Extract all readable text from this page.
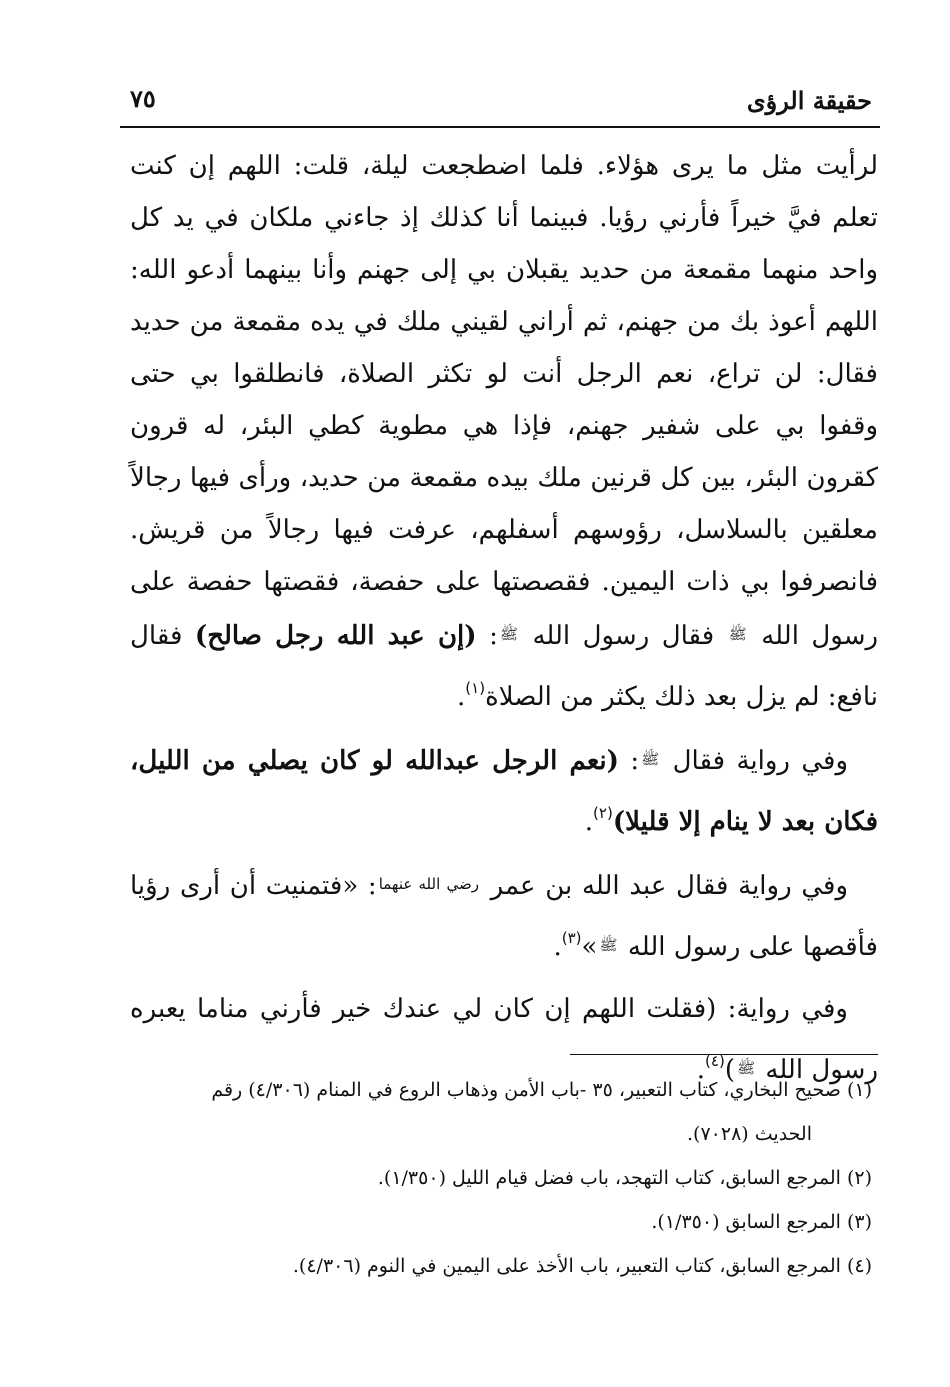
حقيقة الرؤى
٧٥

لرأيت مثل ما يرى هؤلاء. فلما اضطجعت ليلة، قلت: اللهم إن كنت تعلم فيَّ خيراً فأرني رؤيا. فبينما أنا كذلك إذ جاءني ملكان في يد كل واحد منهما مقمعة من حديد يقبلان بي إلى جهنم وأنا بينهما أدعو الله: اللهم أعوذ بك من جهنم، ثم أراني لقيني ملك في يده مقمعة من حديد فقال: لن تراع، نعم الرجل أنت لو تكثر الصلاة، فانطلقوا بي حتى وقفوا بي على شفير جهنم، فإذا هي مطوية كطي البئر، له قرون كقرون البئر، بين كل قرنين ملك بيده مقمعة من حديد، ورأى فيها رجالاً معلقين بالسلاسل، رؤوسهم أسفلهم، عرفت فيها رجالاً من قريش. فانصرفوا بي ذات اليمين. فقصصتها على حفصة، فقصتها حفصة على رسول الله ﷺ فقال رسول الله ﷺ: (إن عبد الله رجل صالح) فقال نافع: لم يزل بعد ذلك يكثر من الصلاة$^{(١)}$.

وفي رواية فقال ﷺ: (نعم الرجل عبدالله لو كان يصلي من الليل، فكان بعد لا ينام إلا قليلا)$^{(٢)}$.

وفي رواية فقال عبد الله بن عمر رضي الله عنهما: «فتمنيت أن أرى رؤيا فأقصها على رسول الله ﷺ»$^{(٣)}$.

وفي رواية: (فقلت اللهم إن كان لي عندك خير فأرني مناما يعبره رسول الله ﷺ)$^{(٤)}$.

(١) صحيح البخاري، كتاب التعبير، ٣٥ -باب الأمن وذهاب الروع في المنام (٤/٣٠٦) رقم
الحديث (٧٠٢٨).

(٢) المرجع السابق، كتاب التهجد، باب فضل قيام الليل (١/٣٥٠).

(٣) المرجع السابق (١/٣٥٠).

(٤) المرجع السابق، كتاب التعبير، باب الأخذ على اليمين في النوم (٤/٣٠٦).
